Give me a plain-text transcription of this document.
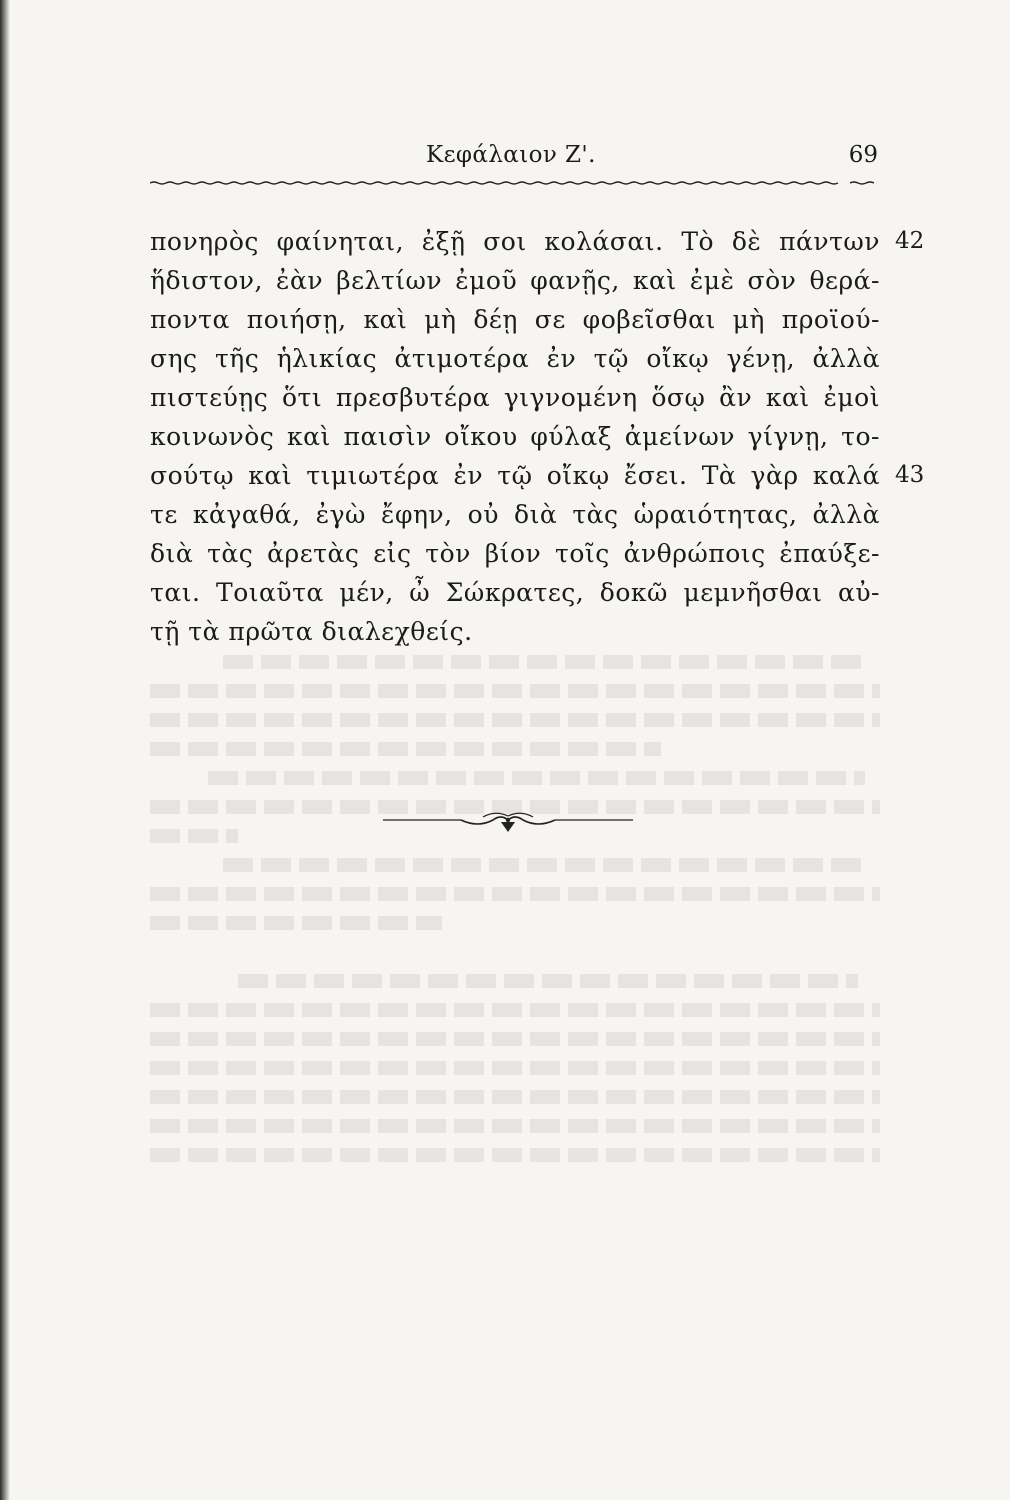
Κεφάλαιον Ζ'.	69
πονηρὸς φαίνηται, ἐξῇ σοι κολάσαι. Τὸ δὲ πάντων
ἥδιστον, ἐὰν βελτίων ἐμοῦ φανῇς, καὶ ἐμὲ σὸν θερά-
ποντα ποιήσῃ, καὶ μὴ δέῃ σε φοβεῖσθαι μὴ προϊού-
σης τῆς ἡλικίας ἀτιμοτέρα ἐν τῷ οἴκῳ γένῃ, ἀλλὰ
πιστεύῃς ὅτι πρεσβυτέρα γιγνομένη ὅσῳ ἂν καὶ ἐμοὶ
κοινωνὸς καὶ παισὶν οἴκου φύλαξ ἀμείνων γίγνῃ, το-
σούτῳ καὶ τιμιωτέρα ἐν τῷ οἴκῳ ἔσει. Τὰ γὰρ καλά
τε κἀγαθά, ἐγὼ ἔφην, οὐ διὰ τὰς ὡραιότητας, ἀλλὰ
διὰ τὰς ἀρετὰς εἰς τὸν βίον τοῖς ἀνθρώποις ἐπαύξε-
ται. Τοιαῦτα μέν, ὦ Σώκρατες, δοκῶ μεμνῆσθαι αὐ-
τῇ τὰ πρῶτα διαλεχθείς.
42
43
